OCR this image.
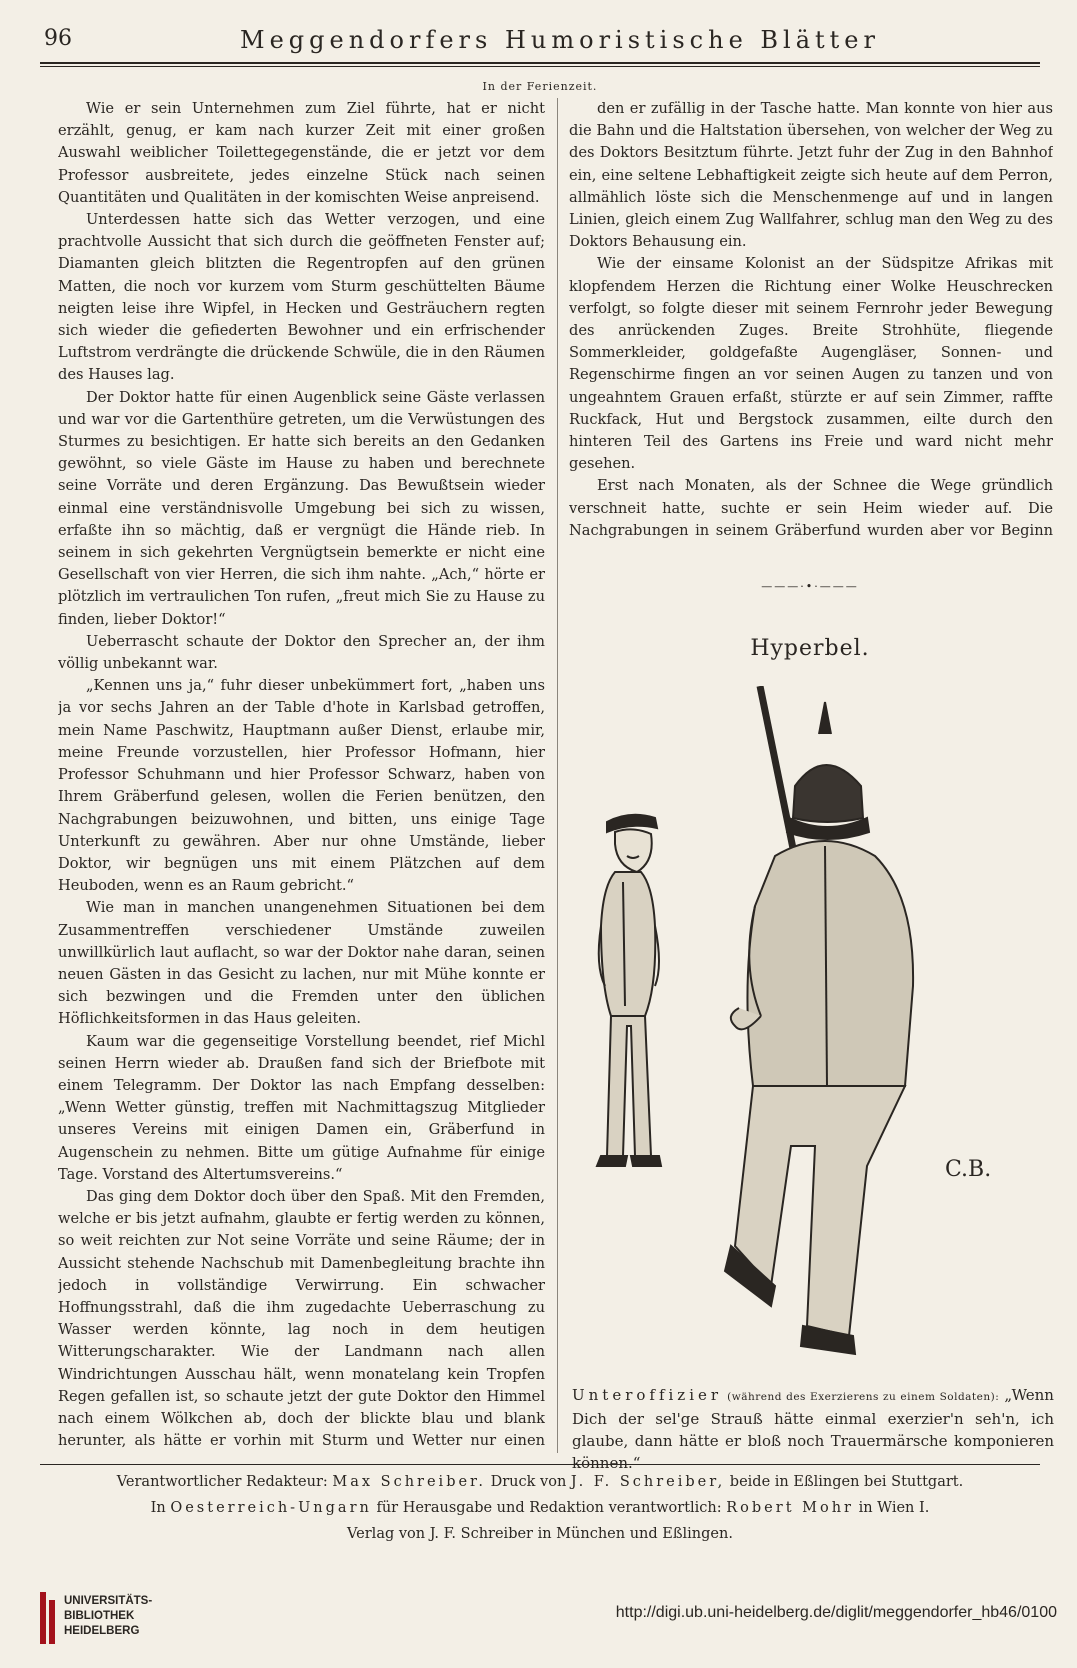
96	Meggendorfers Humoristische Blätter
In der Ferienzeit.

Wie er sein Unternehmen zum Ziel führte, hat er nicht erzählt, genug, er kam nach kurzer Zeit mit einer großen Auswahl weiblicher Toilettegegenstände, die er jetzt vor dem Professor ausbreitete, jedes einzelne Stück nach seinen Quantitäten und Qualitäten in der komischten Weise anpreisend.

Unterdessen hatte sich das Wetter verzogen, und eine prachtvolle Aussicht that sich durch die geöffneten Fenster auf; Diamanten gleich blitzten die Regentropfen auf den grünen Matten, die noch vor kurzem vom Sturm geschüttelten Bäume neigten leise ihre Wipfel, in Hecken und Gesträuchern regten sich wieder die gefiederten Bewohner und ein erfrischender Luftstrom verdrängte die drückende Schwüle, die in den Räumen des Hauses lag.

Der Doktor hatte für einen Augenblick seine Gäste verlassen und war vor die Gartenthüre getreten, um die Verwüstungen des Sturmes zu besichtigen. Er hatte sich bereits an den Gedanken gewöhnt, so viele Gäste im Hause zu haben und berechnete seine Vorräte und deren Ergänzung. Das Bewußtsein wieder einmal eine verständnisvolle Umgebung bei sich zu wissen, erfaßte ihn so mächtig, daß er vergnügt die Hände rieb. In seinem in sich gekehrten Vergnügtsein bemerkte er nicht eine Gesellschaft von vier Herren, die sich ihm nahte. „Ach,“ hörte er plötzlich im vertraulichen Ton rufen, „freut mich Sie zu Hause zu finden, lieber Doktor!“

Ueberrascht schaute der Doktor den Sprecher an, der ihm völlig unbekannt war.

„Kennen uns ja,“ fuhr dieser unbekümmert fort, „haben uns ja vor sechs Jahren an der Table d'hote in Karlsbad getroffen, mein Name Paschwitz, Hauptmann außer Dienst, erlaube mir, meine Freunde vorzustellen, hier Professor Hofmann, hier Professor Schuhmann und hier Professor Schwarz, haben von Ihrem Gräberfund gelesen, wollen die Ferien benützen, den Nachgrabungen beizuwohnen, und bitten, uns einige Tage Unterkunft zu gewähren. Aber nur ohne Umstände, lieber Doktor, wir begnügen uns mit einem Plätzchen auf dem Heuboden, wenn es an Raum gebricht.“

Wie man in manchen unangenehmen Situationen bei dem Zusammentreffen verschiedener Umstände zuweilen unwillkürlich laut auflacht, so war der Doktor nahe daran, seinen neuen Gästen in das Gesicht zu lachen, nur mit Mühe konnte er sich bezwingen und die Fremden unter den üblichen Höflichkeitsformen in das Haus geleiten.

Kaum war die gegenseitige Vorstellung beendet, rief Michl seinen Herrn wieder ab. Draußen fand sich der Briefbote mit einem Telegramm. Der Doktor las nach Empfang desselben: „Wenn Wetter günstig, treffen mit Nachmittagszug Mitglieder unseres Vereins mit einigen Damen ein, Gräberfund in Augenschein zu nehmen. Bitte um gütige Aufnahme für einige Tage. Vorstand des Altertumsvereins.“

Das ging dem Doktor doch über den Spaß. Mit den Fremden, welche er bis jetzt aufnahm, glaubte er fertig werden zu können, so weit reichten zur Not seine Vorräte und seine Räume; der in Aussicht stehende Nachschub mit Damenbegleitung brachte ihn jedoch in vollständige Verwirrung. Ein schwacher Hoffnungsstrahl, daß die ihm zugedachte Ueberraschung zu Wasser werden könnte, lag noch in dem heutigen Witterungscharakter. Wie der Landmann nach allen Windrichtungen Ausschau hält, wenn monatelang kein Tropfen Regen gefallen ist, so schaute jetzt der gute Doktor den Himmel nach einem Wölkchen ab, doch der blickte blau und blank herunter, als hätte er vorhin mit Sturm und Wetter nur einen

den er zufällig in der Tasche hatte. Man konnte von hier aus die Bahn und die Haltstation übersehen, von welcher der Weg zu des Doktors Besitztum führte. Jetzt fuhr der Zug in den Bahnhof ein, eine seltene Lebhaftigkeit zeigte sich heute auf dem Perron, allmählich löste sich die Menschenmenge auf und in langen Linien, gleich einem Zug Wallfahrer, schlug man den Weg zu des Doktors Behausung ein.

Wie der einsame Kolonist an der Südspitze Afrikas mit klopfendem Herzen die Richtung einer Wolke Heuschrecken verfolgt, so folgte dieser mit seinem Fernrohr jeder Bewegung des anrückenden Zuges. Breite Strohhüte, fliegende Sommerkleider, goldgefaßte Augengläser, Sonnen- und Regenschirme fingen an vor seinen Augen zu tanzen und von ungeahntem Grauen erfaßt, stürzte er auf sein Zimmer, raffte Ruckfack, Hut und Bergstock zusammen, eilte durch den hinteren Teil des Gartens ins Freie und ward nicht mehr gesehen.

Erst nach Monaten, als der Schnee die Wege gründlich verschneit hatte, suchte er sein Heim wieder auf. Die Nachgrabungen in seinem Gräberfund wurden aber vor Beginn

———·•·———
Hyperbel.
C.B.
Unteroffizier (während des Exerzierens zu einem Soldaten): „Wenn Dich der sel'ge Strauß hätte einmal exerzier'n seh'n, ich glaube, dann hätte er bloß noch Trauermärsche komponieren können.“
Verantwortlicher Redakteur: Max Schreiber. Druck von J. F. Schreiber, beide in Eßlingen bei Stuttgart.
In Oesterreich-Ungarn für Herausgabe und Redaktion verantwortlich: Robert Mohr in Wien I.
Verlag von J. F. Schreiber in München und Eßlingen.
UNIVERSITÄTS-
BIBLIOTHEK
HEIDELBERG
http://digi.ub.uni-heidelberg.de/diglit/meggendorfer_hb46/0100
